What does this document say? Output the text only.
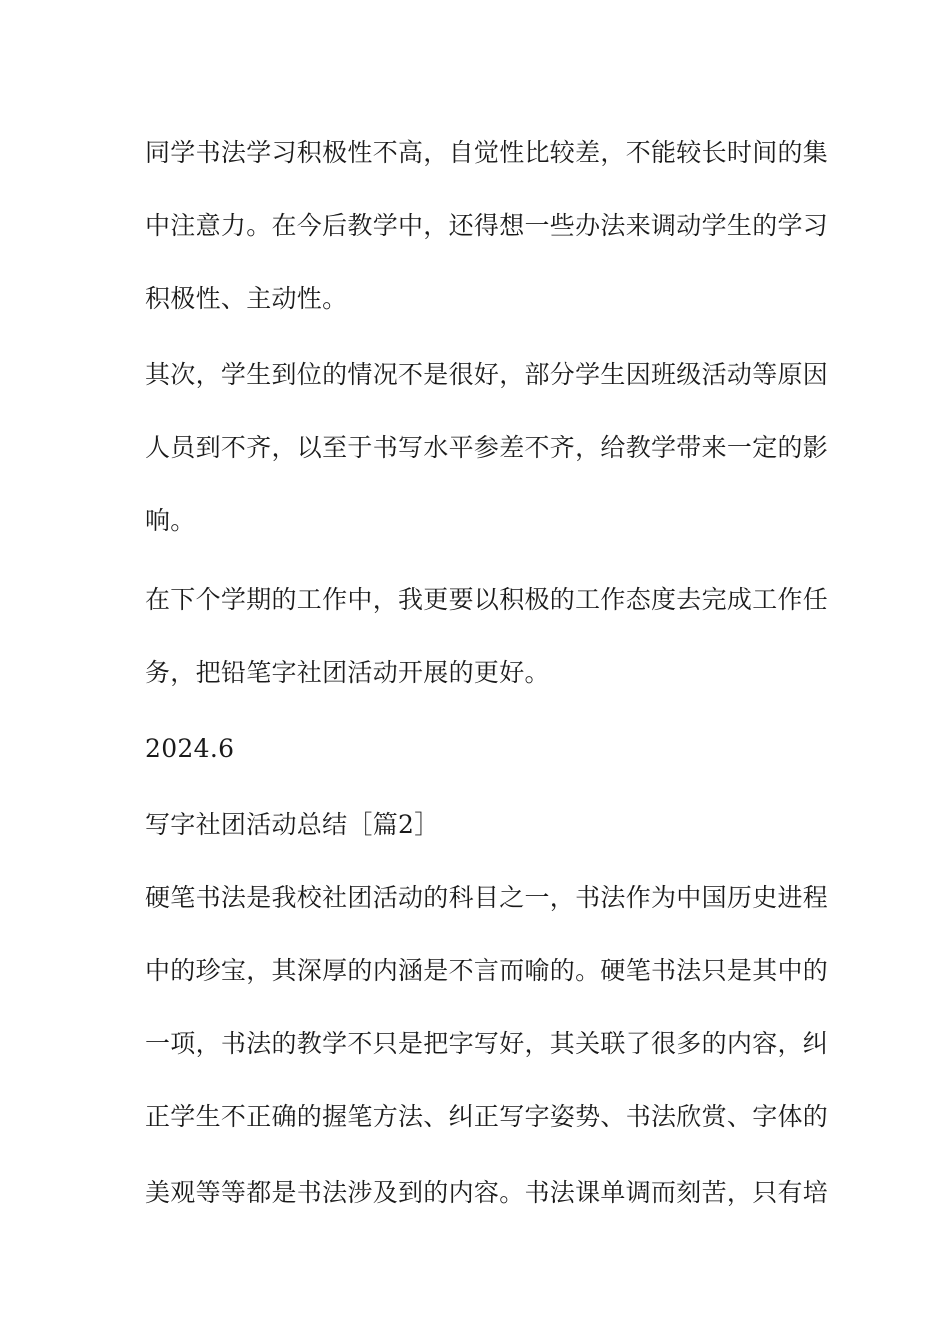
同学书法学习积极性不高，自觉性比较差，不能较长时间的集
中注意力。在今后教学中，还得想一些办法来调动学生的学习
积极性、主动性。
其次，学生到位的情况不是很好，部分学生因班级活动等原因
人员到不齐，以至于书写水平参差不齐，给教学带来一定的影
响。
在下个学期的工作中，我更要以积极的工作态度去完成工作任
务，把铅笔字社团活动开展的更好。
2024.6
写字社团活动总结［篇2］
硬笔书法是我校社团活动的科目之一，书法作为中国历史进程
中的珍宝，其深厚的内涵是不言而喻的。硬笔书法只是其中的
一项，书法的教学不只是把字写好，其关联了很多的内容，纠
正学生不正确的握笔方法、纠正写字姿势、书法欣赏、字体的
美观等等都是书法涉及到的内容。书法课单调而刻苦，只有培
